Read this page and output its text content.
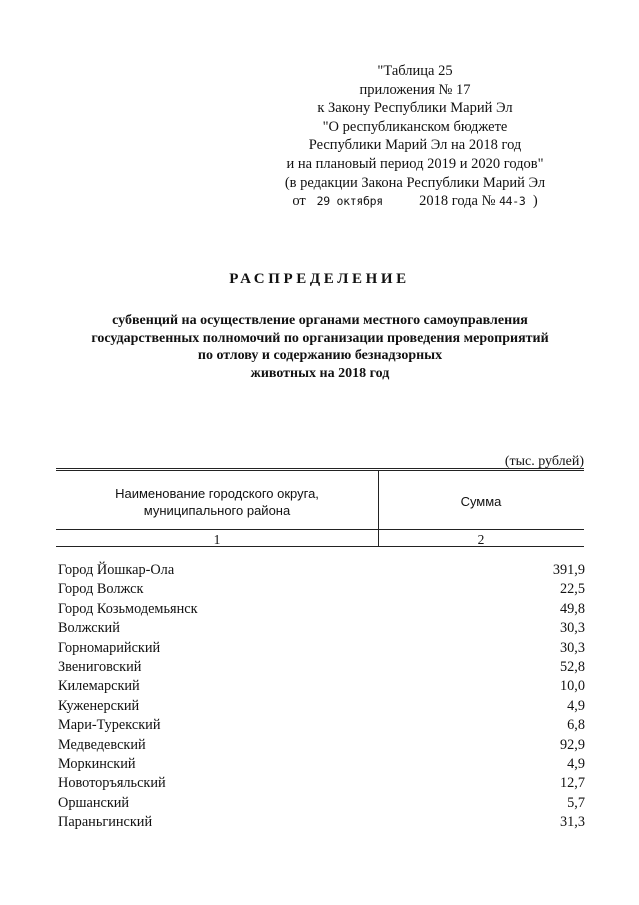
"Таблица 25
приложения № 17
к Закону Республики Марий Эл
"О республиканском бюджете
Республики Марий Эл на 2018 год
и на плановый период 2019 и 2020 годов"
(в редакции Закона Республики Марий Эл
от 29 октября	2018 года № 44-З )
РАСПРЕДЕЛЕНИЕ
субвенций на осуществление органами местного самоуправления
государственных полномочий по организации проведения мероприятий
по отлову и содержанию безнадзорных
животных на 2018 год
(тыс. рублей)
Наименование городского округа,
муниципального района
Сумма
1	2
Город Йошкар-Ола	391,9
Город Волжск	22,5
Город Козьмодемьянск	49,8
Волжский	30,3
Горномарийский	30,3
Звениговский	52,8
Килемарский	10,0
Куженерский	4,9
Мари-Турекский	6,8
Медведевский	92,9
Моркинский	4,9
Новоторъяльский	12,7
Оршанский	5,7
Параньгинский	31,3
